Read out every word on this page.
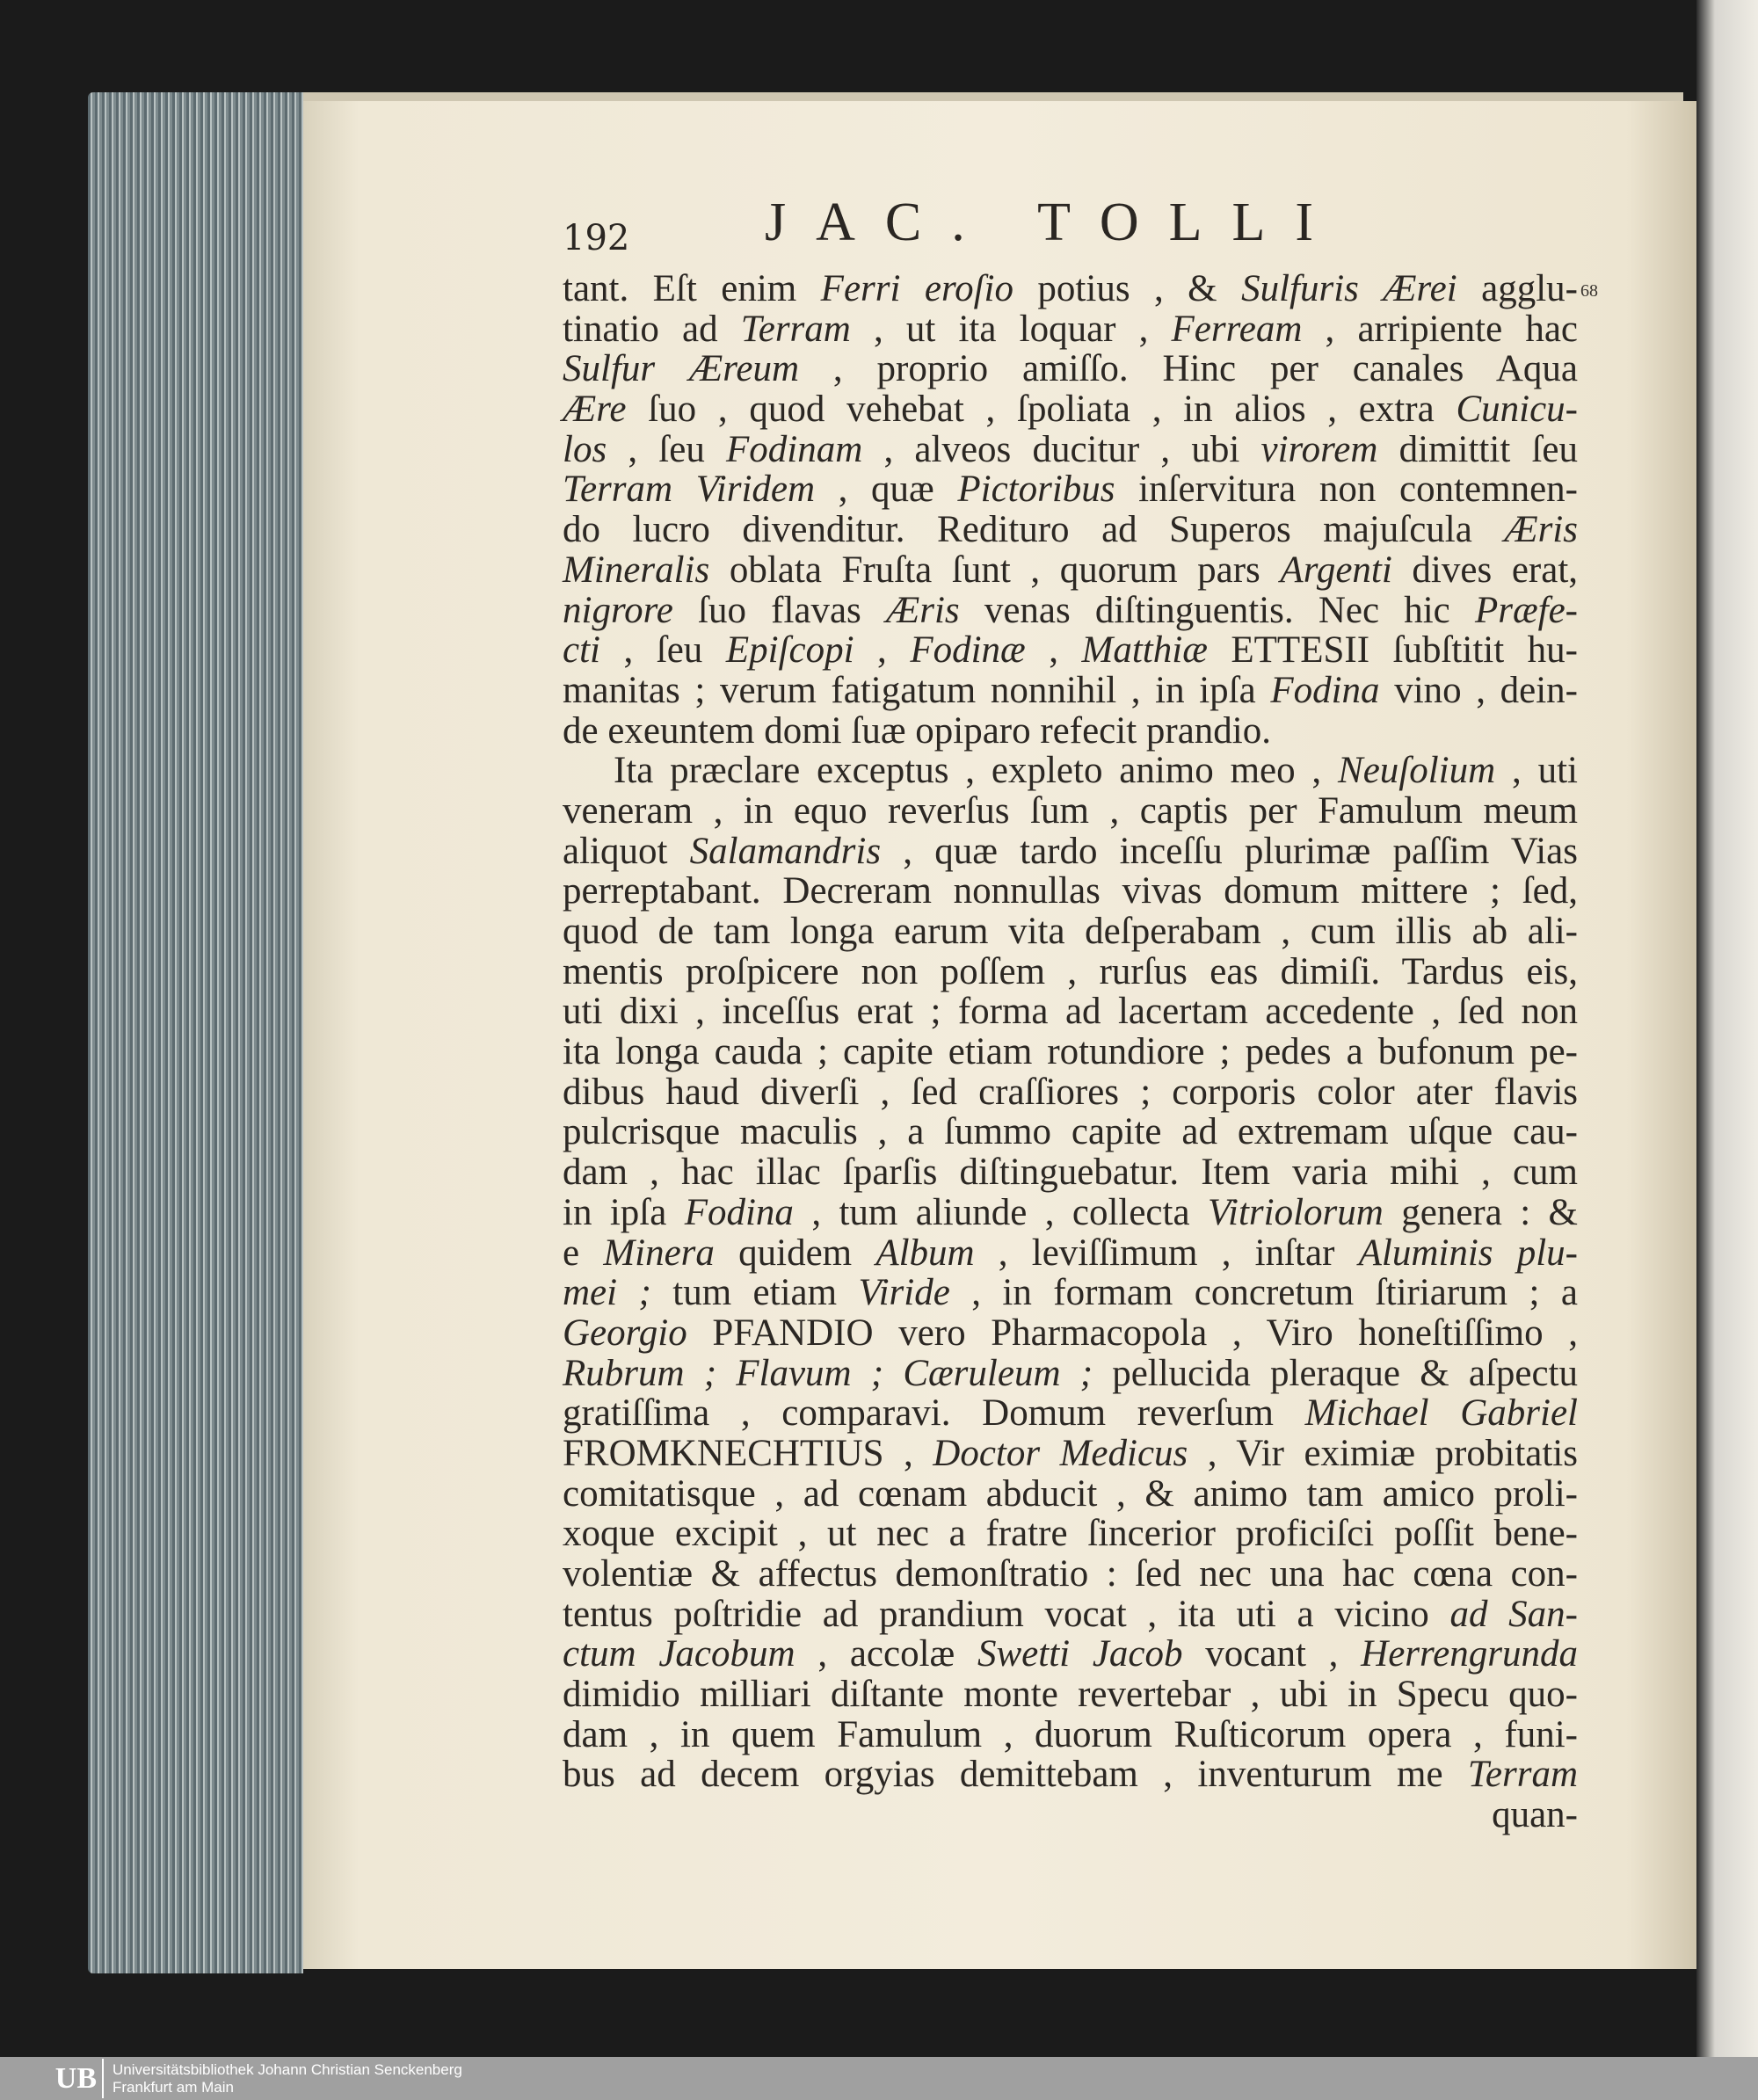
192 JAC. TOLLI
68
tant. Eſt enim Ferri eroſio potius , & Sulfuris Ærei agglu-
tinatio ad Terram , ut ita loquar , Ferream , arripiente hac
Sulfur Æreum , proprio amiſſo. Hinc per canales Aqua
Ære ſuo , quod vehebat , ſpoliata , in alios , extra Cunicu-
los , ſeu Fodinam , alveos ducitur , ubi virorem dimittit ſeu
Terram Viridem , quæ Pictoribus inſervitura non contemnen-
do lucro divenditur. Redituro ad Superos majuſcula Æris
Mineralis oblata Fruſta ſunt , quorum pars Argenti dives erat,
nigrore ſuo flavas Æris venas diſtinguentis. Nec hic Præfe-
cti , ſeu Epiſcopi , Fodinæ , Matthiæ ETTESII ſubſtitit hu-
manitas ; verum fatigatum nonnihil , in ipſa Fodina vino , dein-
de exeuntem domi ſuæ opiparo refecit prandio.
Ita præclare exceptus , expleto animo meo , Neuſolium , uti
veneram , in equo reverſus ſum , captis per Famulum meum
aliquot Salamandris , quæ tardo inceſſu plurimæ paſſim Vias
perreptabant. Decreram nonnullas vivas domum mittere ; ſed,
quod de tam longa earum vita deſperabam , cum illis ab ali-
mentis proſpicere non poſſem , rurſus eas dimiſi. Tardus eis,
uti dixi , inceſſus erat ; forma ad lacertam accedente , ſed non
ita longa cauda ; capite etiam rotundiore ; pedes a bufonum pe-
dibus haud diverſi , ſed craſſiores ; corporis color ater flavis
pulcrisque maculis , a ſummo capite ad extremam uſque cau-
dam , hac illac ſparſis diſtinguebatur. Item varia mihi , cum
in ipſa Fodina , tum aliunde , collecta Vitriolorum genera : &
e Minera quidem Album , leviſſimum , inſtar Aluminis plu-
mei ; tum etiam Viride , in formam concretum ſtiriarum ; a
Georgio PFANDIO vero Pharmacopola , Viro honeſtiſſimo ,
Rubrum ; Flavum ; Cæruleum ; pellucida pleraque & aſpectu
gratiſſima , comparavi. Domum reverſum Michael Gabriel
FROMKNECHTIUS , Doctor Medicus , Vir eximiæ probitatis
comitatisque , ad cœnam abducit , & animo tam amico proli-
xoque excipit , ut nec a fratre ſincerior proficiſci poſſit bene-
volentiæ & affectus demonſtratio : ſed nec una hac cœna con-
tentus poſtridie ad prandium vocat , ita uti a vicino ad San-
ctum Jacobum , accolæ Swetti Jacob vocant , Herrengrunda
dimidio milliari diſtante monte revertebar , ubi in Specu quo-
dam , in quem Famulum , duorum Ruſticorum opera , funi-
bus ad decem orgyias demittebam , inventurum me Terram
quan-
UB Universitätsbibliothek Johann Christian Senckenberg
Frankfurt am Main
